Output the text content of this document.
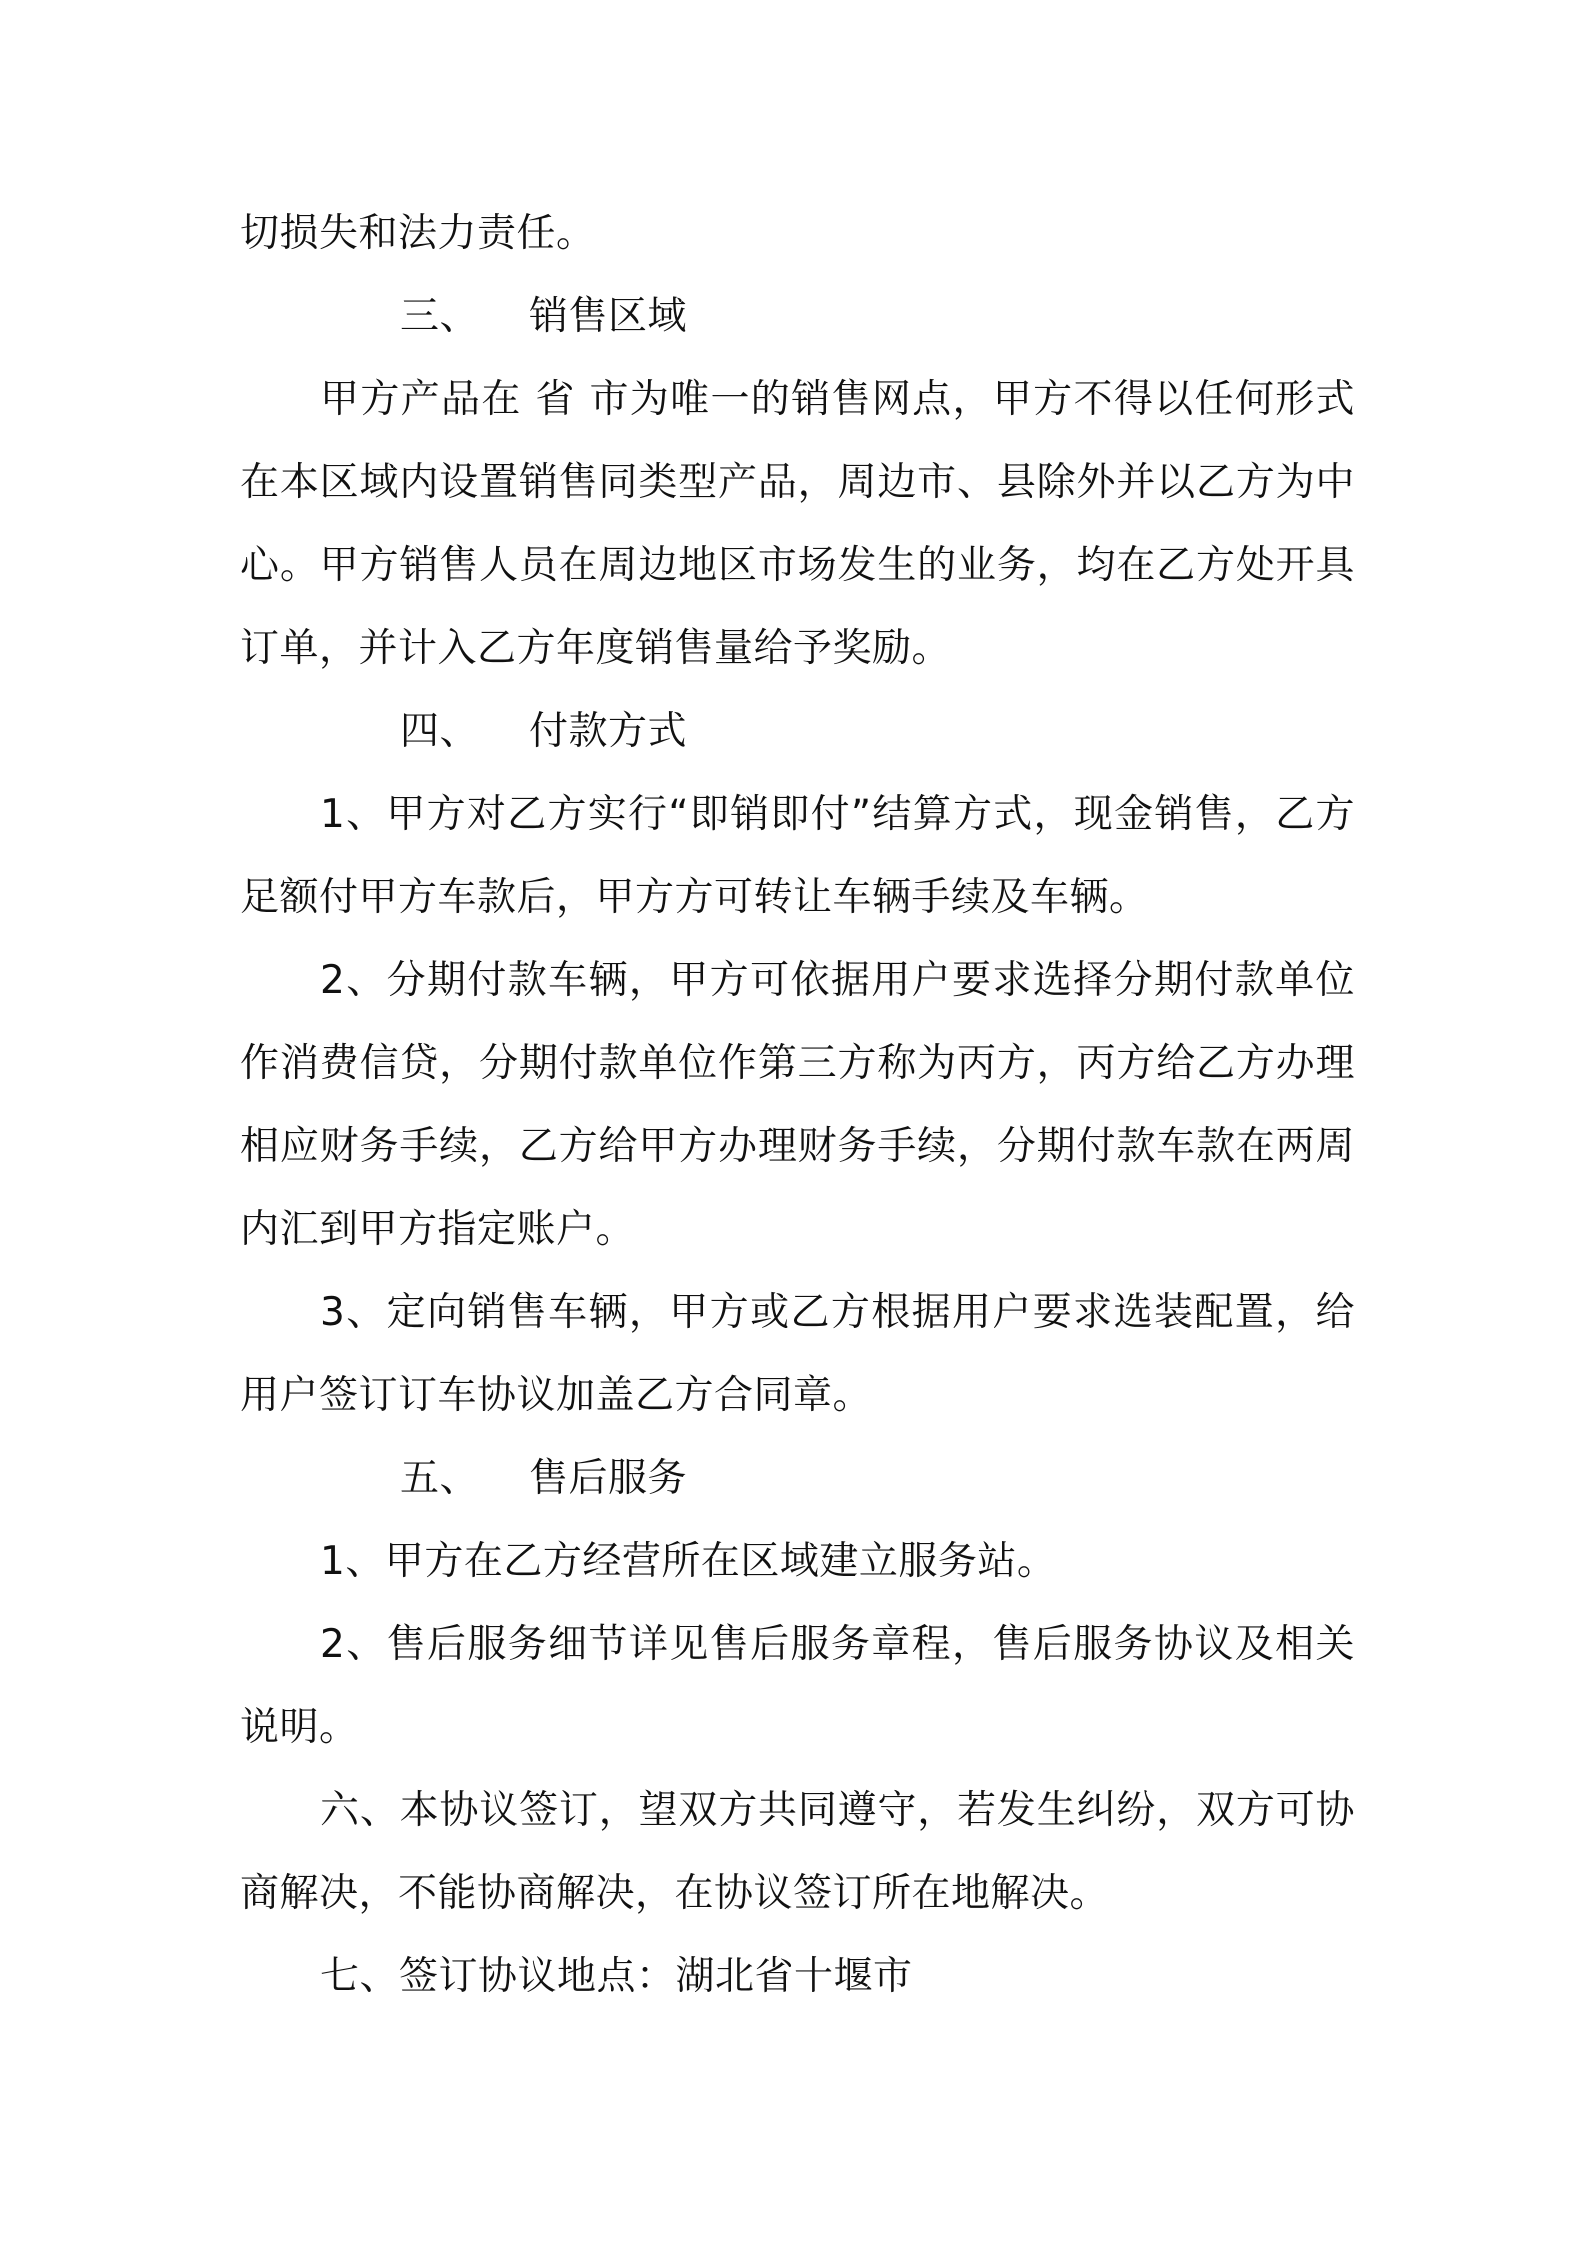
切损失和法力责任。

三、 销售区域

甲方产品在 省 市为唯一的销售网点，甲方不得以任何形式在本区域内设置销售同类型产品，周边市、县除外并以乙方为中心。甲方销售人员在周边地区市场发生的业务，均在乙方处开具订单，并计入乙方年度销售量给予奖励。

四、 付款方式

1、甲方对乙方实行“即销即付”结算方式，现金销售，乙方足额付甲方车款后，甲方方可转让车辆手续及车辆。

2、分期付款车辆，甲方可依据用户要求选择分期付款单位作消费信贷，分期付款单位作第三方称为丙方，丙方给乙方办理相应财务手续，乙方给甲方办理财务手续，分期付款车款在两周内汇到甲方指定账户。

3、定向销售车辆，甲方或乙方根据用户要求选装配置，给用户签订订车协议加盖乙方合同章。

五、 售后服务

1、甲方在乙方经营所在区域建立服务站。

2、售后服务细节详见售后服务章程，售后服务协议及相关说明。

六、本协议签订，望双方共同遵守，若发生纠纷，双方可协商解决，不能协商解决，在协议签订所在地解决。

七、签订协议地点：湖北省十堰市
